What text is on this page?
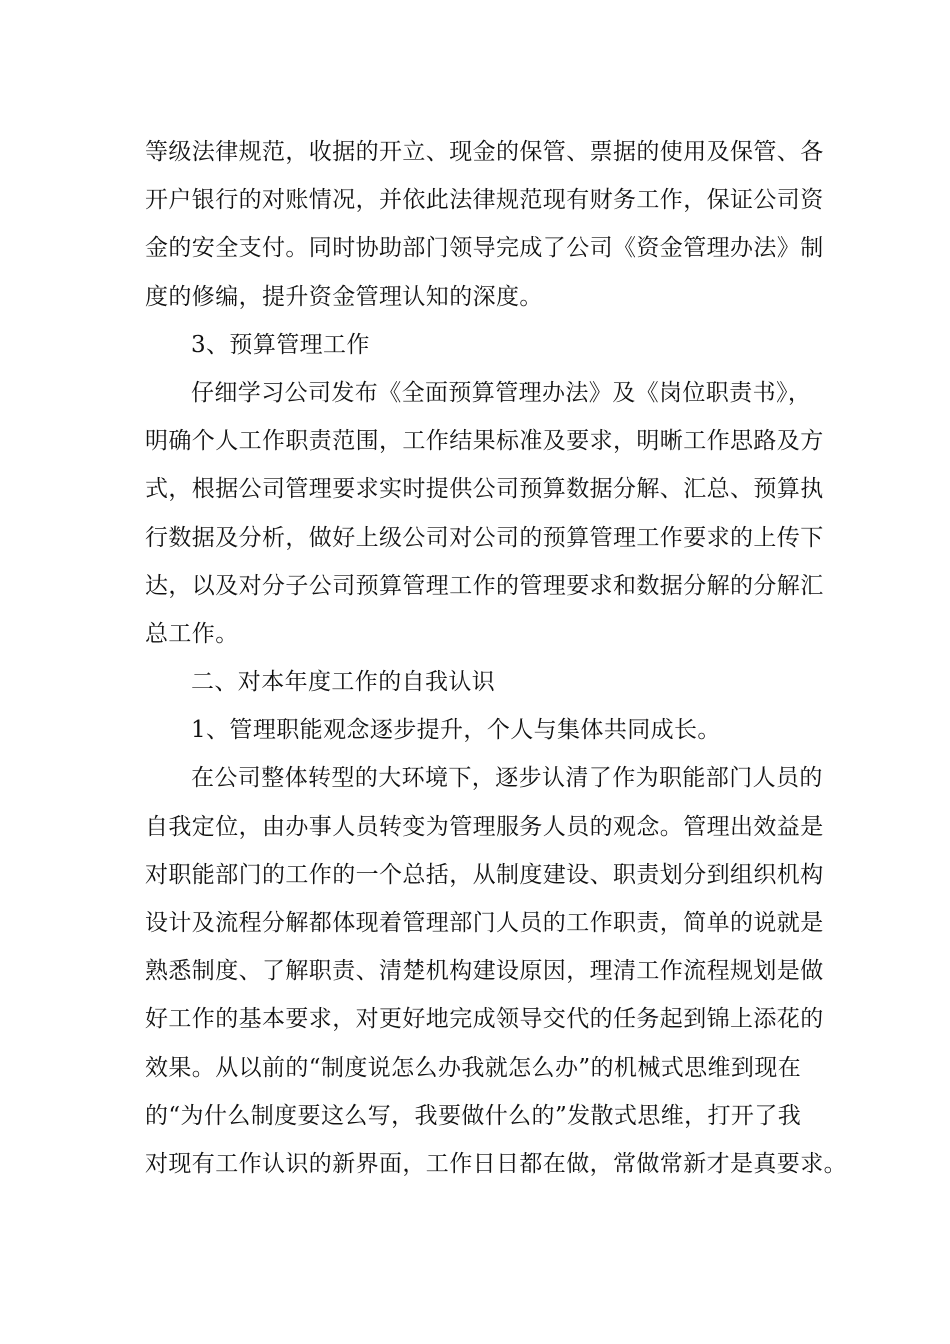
等级法律规范，收据的开立、现金的保管、票据的使用及保管、各
开户银行的对账情况，并依此法律规范现有财务工作，保证公司资
金的安全支付。同时协助部门领导完成了公司《资金管理办法》制
度的修编，提升资金管理认知的深度。
3、预算管理工作
仔细学习公司发布《全面预算管理办法》及《岗位职责书》，
明确个人工作职责范围，工作结果标准及要求，明晰工作思路及方
式，根据公司管理要求实时提供公司预算数据分解、汇总、预算执
行数据及分析，做好上级公司对公司的预算管理工作要求的上传下
达，以及对分子公司预算管理工作的管理要求和数据分解的分解汇
总工作。
二、对本年度工作的自我认识
1、管理职能观念逐步提升，个人与集体共同成长。
在公司整体转型的大环境下，逐步认清了作为职能部门人员的
自我定位，由办事人员转变为管理服务人员的观念。管理出效益是
对职能部门的工作的一个总括，从制度建设、职责划分到组织机构
设计及流程分解都体现着管理部门人员的工作职责，简单的说就是
熟悉制度、了解职责、清楚机构建设原因，理清工作流程规划是做
好工作的基本要求，对更好地完成领导交代的任务起到锦上添花的
效果。从以前的“制度说怎么办我就怎么办”的机械式思维到现在
的“为什么制度要这么写，我要做什么的”发散式思维，打开了我
对现有工作认识的新界面，工作日日都在做，常做常新才是真要求。
